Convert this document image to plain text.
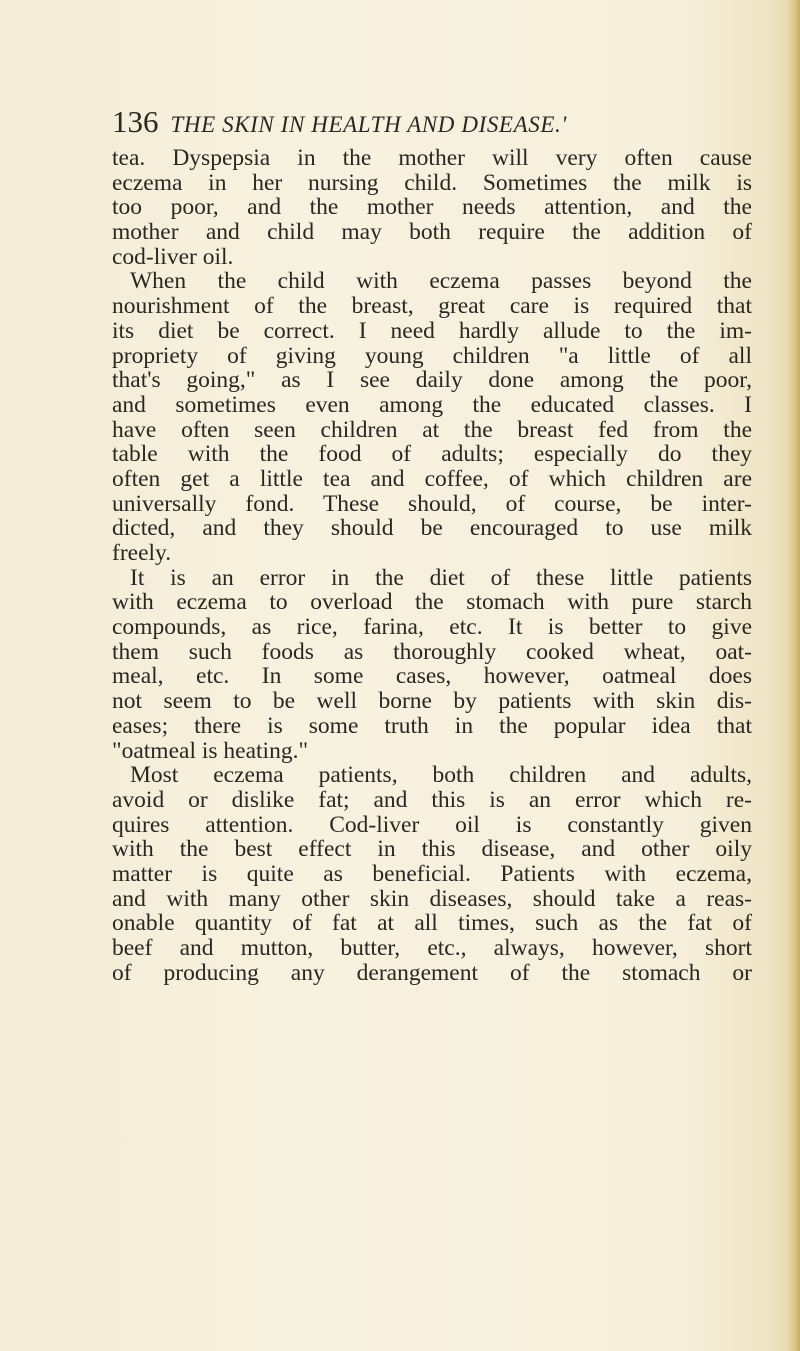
136 THE SKIN IN HEALTH AND DISEASE.'
tea. Dyspepsia in the mother will very often cause
eczema in her nursing child. Sometimes the milk is
too poor, and the mother needs attention, and the
mother and child may both require the addition of
cod-liver oil.
When the child with eczema passes beyond the
nourishment of the breast, great care is required that
its diet be correct. I need hardly allude to the im-
propriety of giving young children "a little of all
that's going," as I see daily done among the poor,
and sometimes even among the educated classes. I
have often seen children at the breast fed from the
table with the food of adults; especially do they
often get a little tea and coffee, of which children are
universally fond. These should, of course, be inter-
dicted, and they should be encouraged to use milk
freely.
It is an error in the diet of these little patients
with eczema to overload the stomach with pure starch
compounds, as rice, farina, etc. It is better to give
them such foods as thoroughly cooked wheat, oat-
meal, etc. In some cases, however, oatmeal does
not seem to be well borne by patients with skin dis-
eases; there is some truth in the popular idea that
"oatmeal is heating."
Most eczema patients, both children and adults,
avoid or dislike fat; and this is an error which re-
quires attention. Cod-liver oil is constantly given
with the best effect in this disease, and other oily
matter is quite as beneficial. Patients with eczema,
and with many other skin diseases, should take a reas-
onable quantity of fat at all times, such as the fat of
beef and mutton, butter, etc., always, however, short
of producing any derangement of the stomach or
